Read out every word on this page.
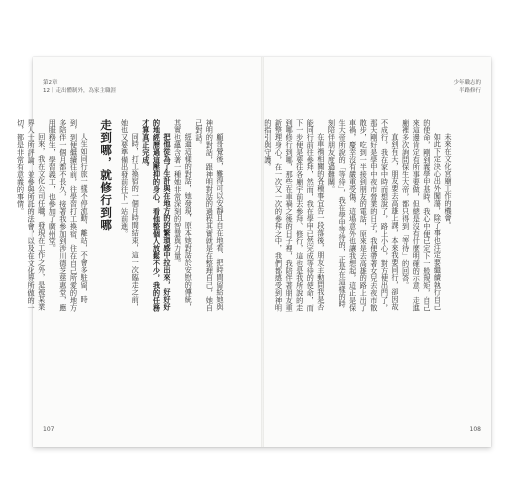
第2章
12｜走出體制外，為家主職涯

顧哥覺後，難得可以安靜且自在地看、把時間留給她與神明的對話，跟神明對話的過程其實就是在整理自己，她自己對話。

經過這樣的對話，她發現，原本她對話於安慰的傳統，其實也蘊含著一種她非常深刻的智慧與力量。

把他從為了生計與在地方的的繁瑣感中拉出來，好好好的地經歷過這壓抑的身心，看他整個人放鬆不少，我的任務才算真正完成。

同時，打工換宿的一個月時間結束，這一次臨走之前，她也又要準備出發前往下一站前進。

走到哪，就修行到哪

人生如同行旅一樣不停流動、離站，不會多駐留，時到，到便繼續往前，往學習打工換宿、住在自己所愛的地方多陪伴一個月都不長久，接著我參加到涉川德芝慈惠堂，應用服務生，學習義工，也參加了廣州堂。

回來，我在文化公司任職，發現在工作之外，是被某業界人士所評論、並參與所託的法會，以及在文化界所做的一切，都是非常有意義的事情。

107
少年職志的
半路修行

未來在文化宮廟工作的機會。

如此下定決心出外闖蕩，除了事也注定要繼續執行自己的使命，剛到義學甲基時，我心中便已定下一般規矩，自己來這邊肯定有所事要做，但總是沒有什麼明確的示意，走進廟裡多次詢問保生大帝，都只得到「等待」的回答。

直到有天，朋友要去高雄上課，本來我要同行，卻因故不成行，我在家中時而想說了，路上小心，對方便出門了，那天剛好是學甲中夜市營業的日子，我便帶著女兒去夜市散散步，吃到一半接到朋友的電話，原來是去高雄的路上出了車禍，慶幸沒有嚴重受傷，這場意外也讓我想起，這正是保生大帝所說的「等待」，我在學甲等待的，正是在這樣的時刻陪伴朋友度過難關。

在車禍相關的各種事宜告一段落後，朋友主動問我是否能同行前往參拜，然而，我在學甲已然完成等待的使命，而下一步便是要往各廟宇前去參拜、修行，這也是我所說的走到哪修行到哪，那些在車禍之後的日子裡，我陪伴著朋友重新整理身心，在一次又一次的參拜之中，我們都感受到神明的指引與守護。

108
